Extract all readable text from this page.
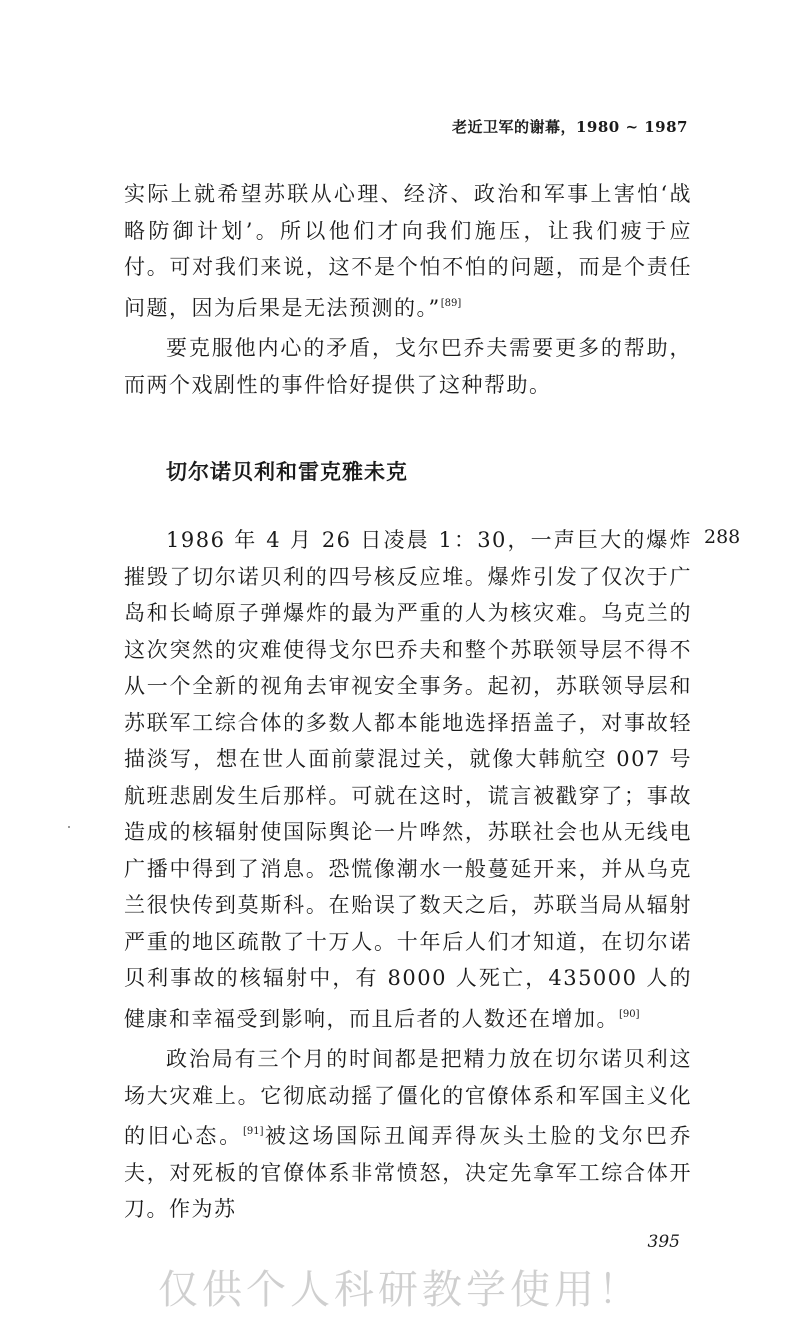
老近卫军的谢幕，1980 ~ 1987

实际上就希望苏联从心理、经济、政治和军事上害怕‘战略防御计划’。所以他们才向我们施压，让我们疲于应付。可对我们来说，这不是个怕不怕的问题，而是个责任问题，因为后果是无法预测的。”[89]

要克服他内心的矛盾，戈尔巴乔夫需要更多的帮助，而两个戏剧性的事件恰好提供了这种帮助。

切尔诺贝利和雷克雅未克
288

1986 年 4 月 26 日凌晨 1：30，一声巨大的爆炸摧毁了切尔诺贝利的四号核反应堆。爆炸引发了仅次于广岛和长崎原子弹爆炸的最为严重的人为核灾难。乌克兰的这次突然的灾难使得戈尔巴乔夫和整个苏联领导层不得不从一个全新的视角去审视安全事务。起初，苏联领导层和苏联军工综合体的多数人都本能地选择捂盖子，对事故轻描淡写，想在世人面前蒙混过关，就像大韩航空 007 号航班悲剧发生后那样。可就在这时，谎言被戳穿了；事故造成的核辐射使国际舆论一片哗然，苏联社会也从无线电广播中得到了消息。恐慌像潮水一般蔓延开来，并从乌克兰很快传到莫斯科。在贻误了数天之后，苏联当局从辐射严重的地区疏散了十万人。十年后人们才知道，在切尔诺贝利事故的核辐射中，有 8000 人死亡，435000 人的健康和幸福受到影响，而且后者的人数还在增加。[90]

政治局有三个月的时间都是把精力放在切尔诺贝利这场大灾难上。它彻底动摇了僵化的官僚体系和军国主义化的旧心态。[91]被这场国际丑闻弄得灰头土脸的戈尔巴乔夫，对死板的官僚体系非常愤怒，决定先拿军工综合体开刀。作为苏

395
仅供个人科研教学使用！
